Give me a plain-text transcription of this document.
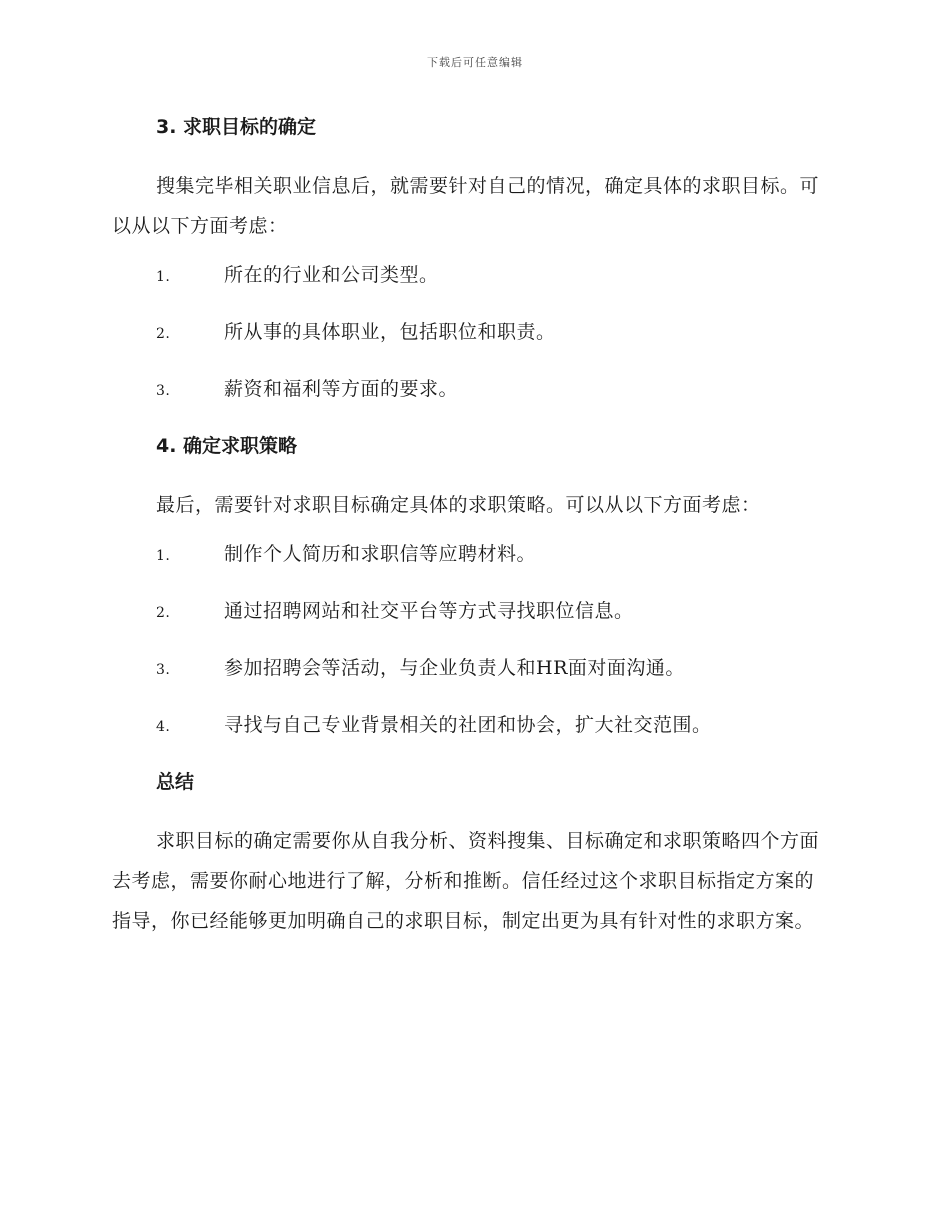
下载后可任意编辑
3. 求职目标的确定

搜集完毕相关职业信息后，就需要针对自己的情况，确定具体的求职目标。可以从以下方面考虑：

1.	所在的行业和公司类型。
2.	所从事的具体职业，包括职位和职责。
3.	薪资和福利等方面的要求。
4. 确定求职策略

最后，需要针对求职目标确定具体的求职策略。可以从以下方面考虑：

1.	制作个人简历和求职信等应聘材料。
2.	通过招聘网站和社交平台等方式寻找职位信息。
3.	参加招聘会等活动，与企业负责人和HR面对面沟通。
4.	寻找与自己专业背景相关的社团和协会，扩大社交范围。
总结

求职目标的确定需要你从自我分析、资料搜集、目标确定和求职策略四个方面去考虑，需要你耐心地进行了解，分析和推断。信任经过这个求职目标指定方案的指导，你已经能够更加明确自己的求职目标，制定出更为具有针对性的求职方案。
